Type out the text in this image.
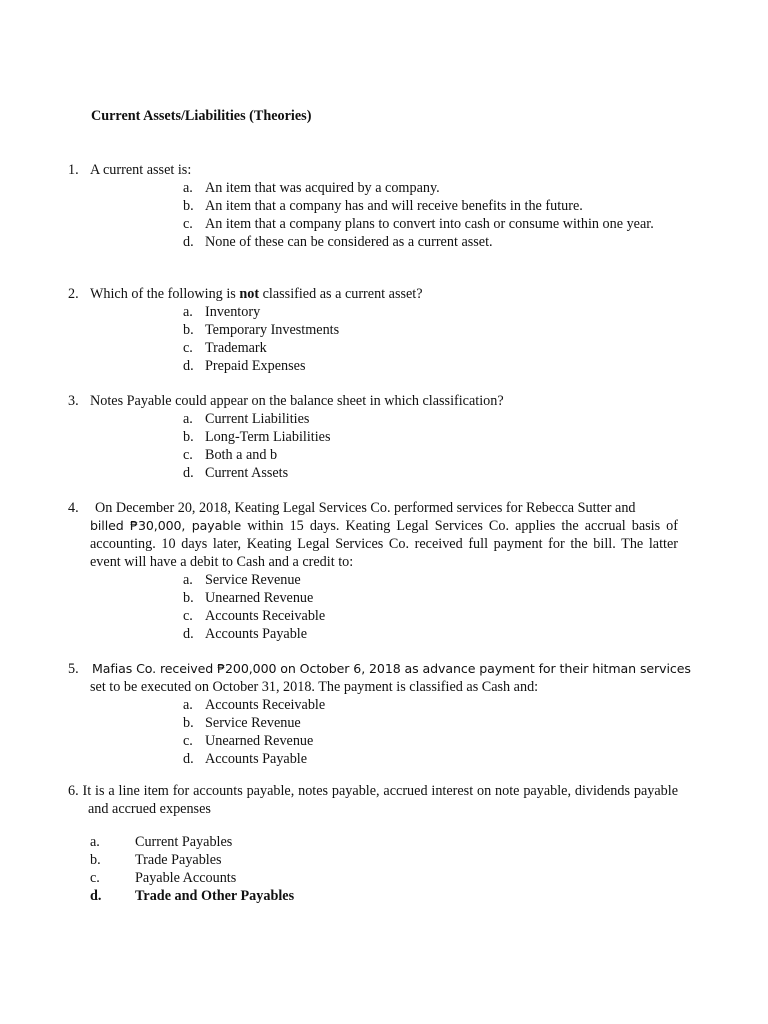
Current Assets/Liabilities (Theories)
1. A current asset is:
a. An item that was acquired by a company.
b. An item that a company has and will receive benefits in the future.
c. An item that a company plans to convert into cash or consume within one year.
d. None of these can be considered as a current asset.
2. Which of the following is not classified as a current asset?
a. Inventory
b. Temporary Investments
c. Trademark
d. Prepaid Expenses
3. Notes Payable could appear on the balance sheet in which classification?
a. Current Liabilities
b. Long-Term Liabilities
c. Both a and b
d. Current Assets
4.	On December 20, 2018, Keating Legal Services Co. performed services for Rebecca Sutter and
billed ₱30,000, payable within 15 days. Keating Legal Services Co. applies the accrual basis of accounting. 10 days later, Keating Legal Services Co. received full payment for the bill. The latter event will have a debit to Cash and a credit to:
a. Service Revenue
b. Unearned Revenue
c. Accounts Receivable
d. Accounts Payable
5.	Mafias Co. received ₱200,000 on October 6, 2018 as advance payment for their hitman services
set to be executed on October 31, 2018. The payment is classified as Cash and:
a. Accounts Receivable
b. Service Revenue
c. Unearned Revenue
d. Accounts Payable
6. It is a line item for accounts payable, notes payable, accrued interest on note payable, dividends payable and accrued expenses
a.	Current Payables
b.	Trade Payables
c.	Payable Accounts
d.	Trade and Other Payables
